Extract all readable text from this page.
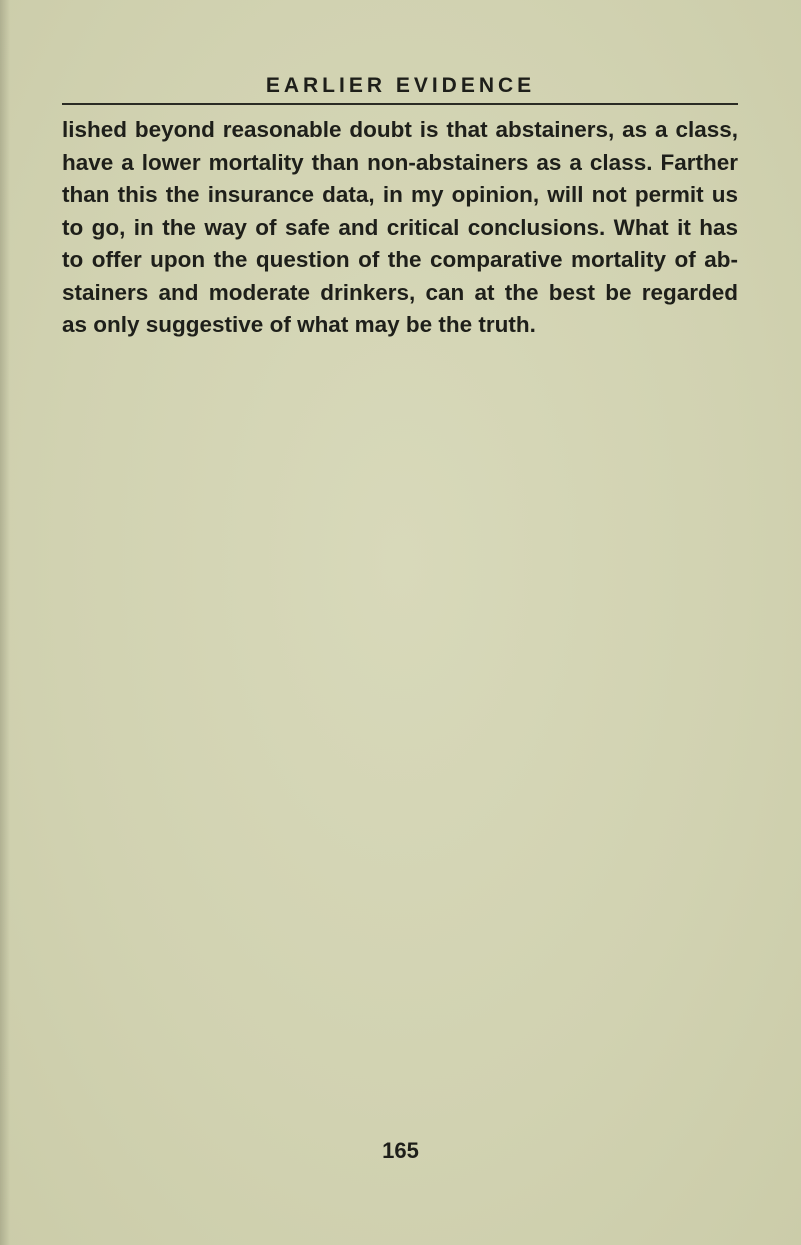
EARLIER EVIDENCE

lished beyond reasonable doubt is that abstainers, as a class,
have a lower mortality than non-abstainers as a class. Farther
than this the insurance data, in my opinion, will not permit us
to go, in the way of safe and critical conclusions. What it has
to offer upon the question of the comparative mortality of ab-
stainers and moderate drinkers, can at the best be regarded
as only suggestive of what may be the truth.

165
